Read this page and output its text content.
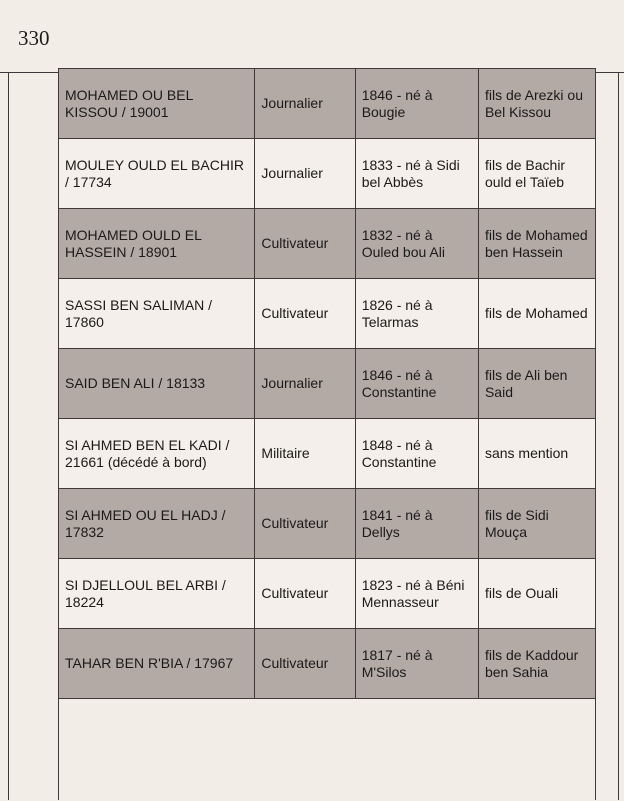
330
MOHAMED OU BEL KISSOU / 19001	Journalier	1846 - né à Bougie	fils de Arezki ou Bel Kissou
MOULEY OULD EL BACHIR / 17734	Journalier	1833 - né à Sidi bel Abbès	fils de Bachir ould el Taïeb
MOHAMED OULD EL HASSEIN / 18901	Cultivateur	1832 - né à Ouled bou Ali	fils de Mohamed ben Hassein
SASSI BEN SALIMAN / 17860	Cultivateur	1826 - né à Telarmas	fils de Mohamed
SAID BEN ALI / 18133	Journalier	1846 - né à Constantine	fils de Ali ben Said
SI AHMED BEN EL KADI / 21661 (décédé à bord)	Militaire	1848 - né à Constantine	sans mention
SI AHMED OU EL HADJ / 17832	Cultivateur	1841 - né à Dellys	fils de Sidi Mouça
SI DJELLOUL BEL ARBI / 18224	Cultivateur	1823 - né à Béni Mennasseur	fils de Ouali
TAHAR BEN R'BIA / 17967	Cultivateur	1817 - né à M'Silos	fils de Kaddour ben Sahia
